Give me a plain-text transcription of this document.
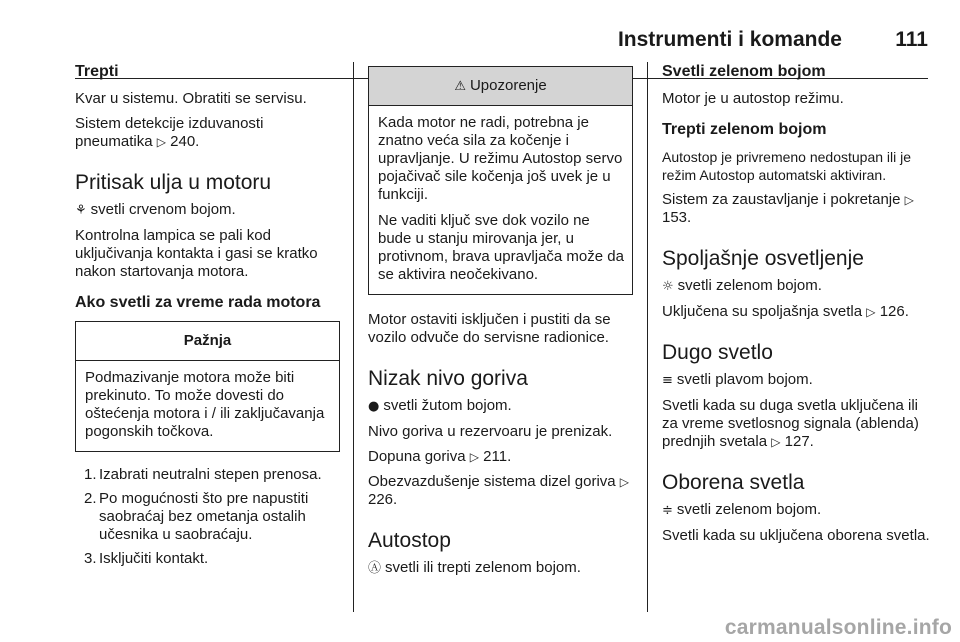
Instrumenti i komande	111
Trepti

Kvar u sistemu. Obratiti se servisu.

Sistem detekcije izduvanosti pneumatika ▷ 240.

Pritisak ulja u motoru

⚘ svetli crvenom bojom.

Kontrolna lampica se pali kod uključivanja kontakta i gasi se kratko nakon startovanja motora.

Ako svetli za vreme rada motora
Pažnja

Podmazivanje motora može biti prekinuto. To može dovesti do oštećenja motora i / ili zaključavanja pogonskih točkova.

1. Izabrati neutralni stepen prenosa.
2. Po mogućnosti što pre napustiti saobraćaj bez ometanja ostalih učesnika u saobraćaju.
3. Isključiti kontakt.
⚠ Upozorenje

Kada motor ne radi, potrebna je znatno veća sila za kočenje i upravljanje. U režimu Autostop servo pojačivač sile kočenja još uvek je u funkciji.

Ne vaditi ključ sve dok vozilo ne bude u stanju mirovanja jer, u protivnom, brava upravljača može da se aktivira neočekivano.

Motor ostaviti isključen i pustiti da se vozilo odvuče do servisne radionice.

Nizak nivo goriva

● svetli žutom bojom.

Nivo goriva u rezervoaru je prenizak.

Dopuna goriva ▷ 211.

Obezvazdušenje sistema dizel goriva ▷ 226.

Autostop

Ⓐ svetli ili trepti zelenom bojom.

Svetli zelenom bojom

Motor je u autostop režimu.

Trepti zelenom bojom

Autostop je privremeno nedostupan ili je režim Autostop automatski aktiviran.

Sistem za zaustavljanje i pokretanje ▷ 153.

Spoljašnje osvetljenje

☼ svetli zelenom bojom.

Uključena su spoljašnja svetla ▷ 126.

Dugo svetlo

≡ svetli plavom bojom.

Svetli kada su duga svetla uključena ili za vreme svetlosnog signala (ablenda) prednjih svetala ▷ 127.

Oborena svetla

≑ svetli zelenom bojom.

Svetli kada su uključena oborena svetla.

carmanualsonline.info
